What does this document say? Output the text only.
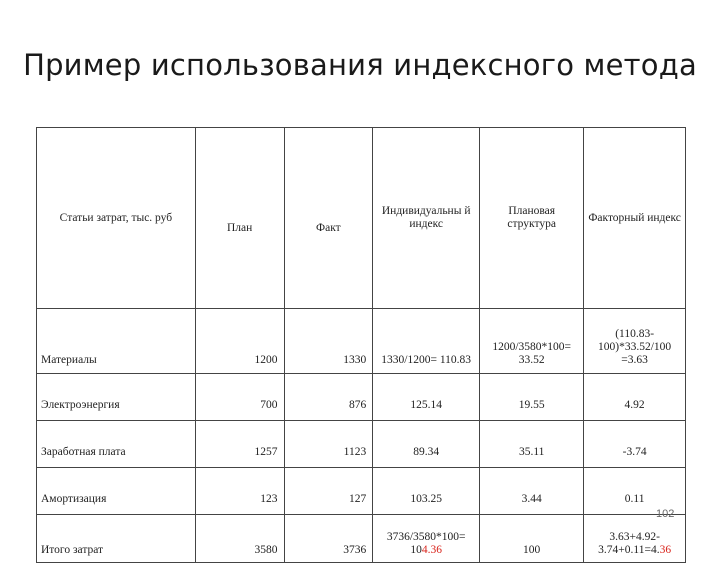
Пример использования индексного метода
Статьи затрат, тыс. руб	План	Факт	Индивидуальны й индекс	Плановая структура	Факторный индекс
Материалы	1200	1330	1330/1200= 110.83	1200/3580*100= 33.52	(110.83-100)*33.52/100 =3.63
Электроэнергия	700	876	125.14	19.55	4.92
Заработная плата	1257	1123	89.34	35.11	-3.74
Амортизация	123	127	103.25	3.44	0.11
Итого затрат	3580	3736	3736/3580*100= 104.36	100	3.63+4.92-3.74+0.11=4.36
102
